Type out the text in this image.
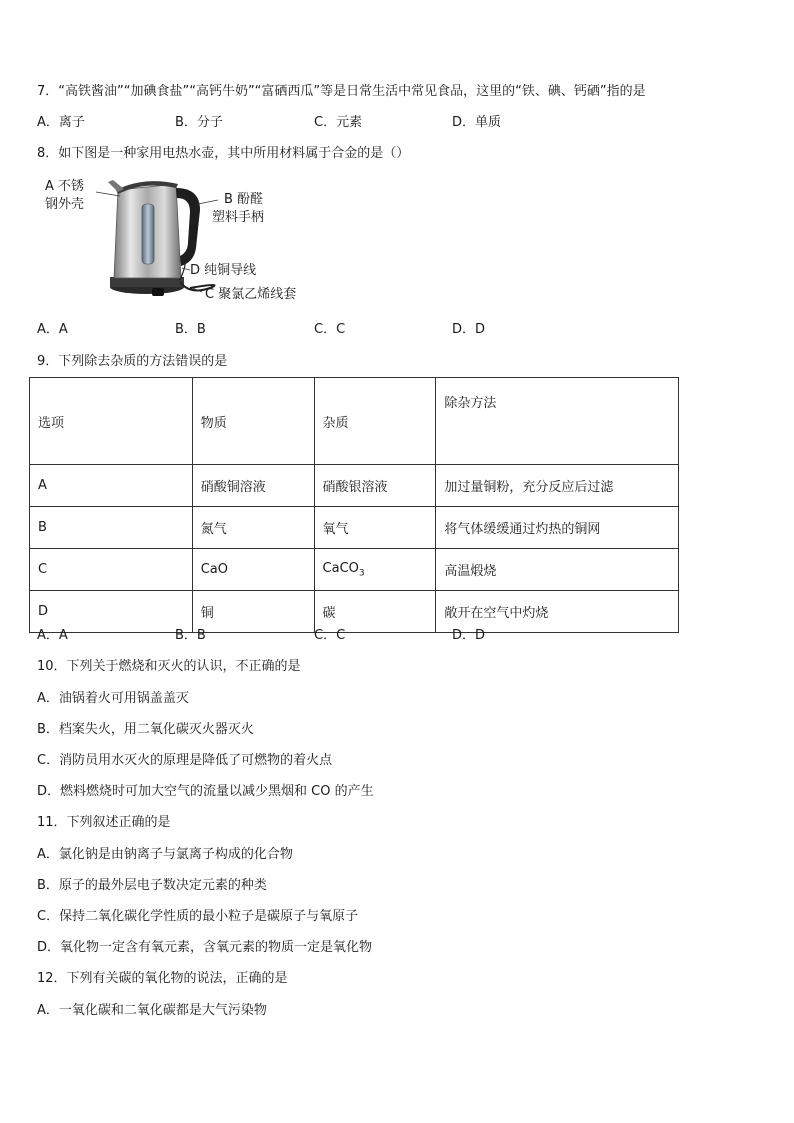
7．“高铁酱油”“加碘食盐”“高钙牛奶”“富硒西瓜”等是日常生活中常见食品，这里的“铁、碘、钙硒”指的是
A．离子	B．分子	C．元素	D．单质
8．如下图是一种家用电热水壶，其中所用材料属于合金的是（）
A 不锈
钢外壳	B 酚醛
塑料手柄
D 纯铜导线
C 聚氯乙烯线套
A．A	B．B	C．C	D．D
9．下列除去杂质的方法错误的是
选项	物质	杂质	除杂方法
A	硝酸铜溶液	硝酸银溶液	加过量铜粉，充分反应后过滤
B	氮气	氧气	将气体缓缓通过灼热的铜网
C	CaO	CaCO$_3$	高温煅烧
D	铜	碳	敞开在空气中灼烧
A．A	B．B	C．C	D．D
10．下列关于燃烧和灭火的认识，不正确的是
A．油锅着火可用锅盖盖灭
B．档案失火，用二氧化碳灭火器灭火
C．消防员用水灭火的原理是降低了可燃物的着火点
D．燃料燃烧时可加大空气的流量以减少黑烟和 CO 的产生
11．下列叙述正确的是
A．氯化钠是由钠离子与氯离子构成的化合物
B．原子的最外层电子数决定元素的种类
C．保持二氧化碳化学性质的最小粒子是碳原子与氧原子
D．氧化物一定含有氧元素，含氧元素的物质一定是氧化物
12．下列有关碳的氧化物的说法，正确的是
A．一氧化碳和二氧化碳都是大气污染物
